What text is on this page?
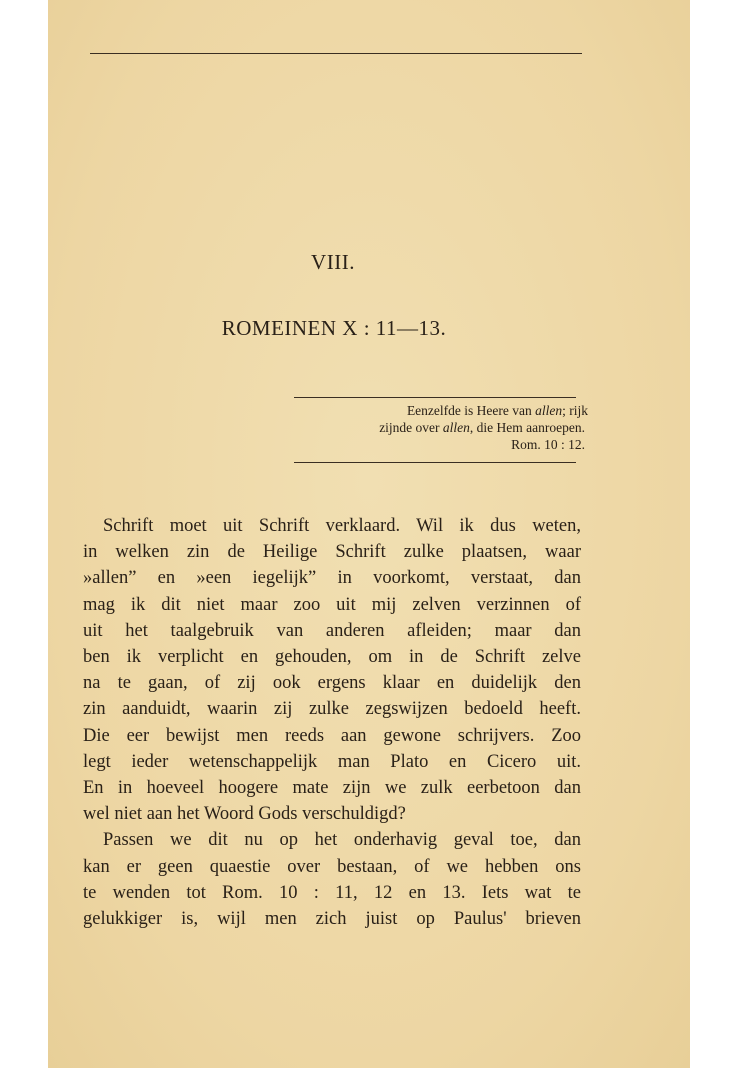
VIII.
ROMEINEN X : 11—13.
Eenzelfde is Heere van allen; rijk
zijnde over allen, die Hem aanroepen.
Rom. 10 : 12.
Schrift moet uit Schrift verklaard. Wil ik dus weten,
in welken zin de Heilige Schrift zulke plaatsen, waar
»allen” en »een iegelijk” in voorkomt, verstaat, dan
mag ik dit niet maar zoo uit mij zelven verzinnen of
uit het taalgebruik van anderen afleiden; maar dan
ben ik verplicht en gehouden, om in de Schrift zelve
na te gaan, of zij ook ergens klaar en duidelijk den
zin aanduidt, waarin zij zulke zegswijzen bedoeld heeft.
Die eer bewijst men reeds aan gewone schrijvers. Zoo
legt ieder wetenschappelijk man Plato en Cicero uit.
En in hoeveel hoogere mate zijn we zulk eerbetoon dan
wel niet aan het Woord Gods verschuldigd?
Passen we dit nu op het onderhavig geval toe, dan
kan er geen quaestie over bestaan, of we hebben ons
te wenden tot Rom. 10 : 11, 12 en 13. Iets wat te
gelukkiger is, wijl men zich juist op Paulus' brieven
